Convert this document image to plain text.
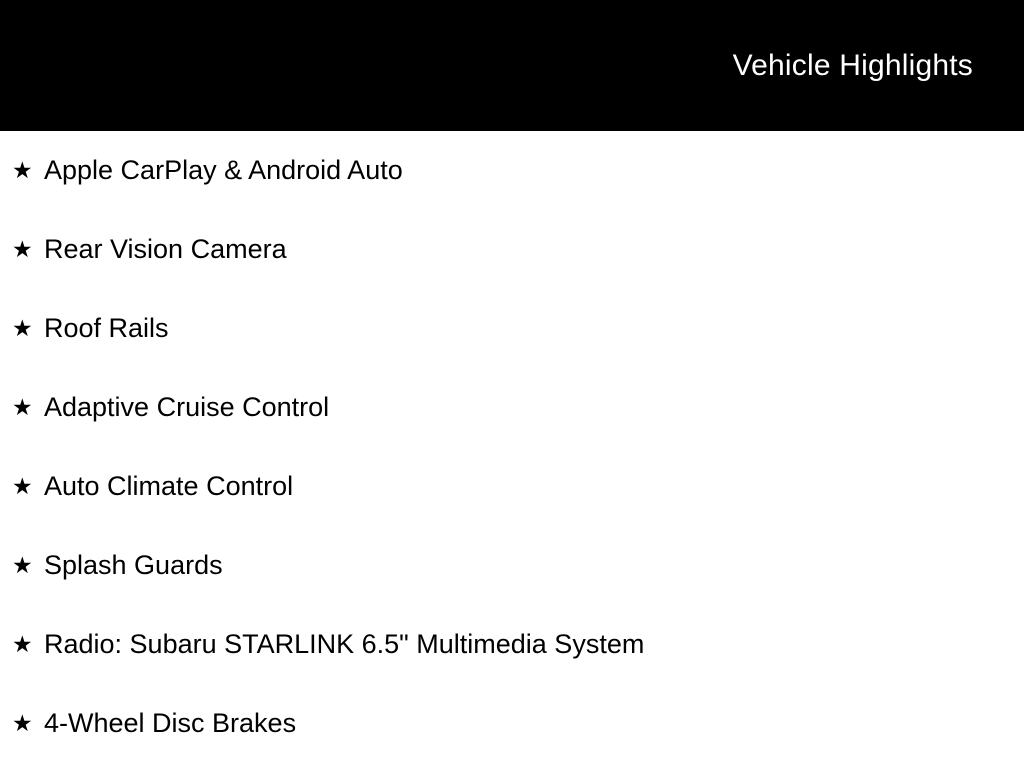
Vehicle Highlights
★ Apple CarPlay & Android Auto
★ Rear Vision Camera
★ Roof Rails
★ Adaptive Cruise Control
★ Auto Climate Control
★ Splash Guards
★ Radio: Subaru STARLINK 6.5" Multimedia System
★ 4-Wheel Disc Brakes
